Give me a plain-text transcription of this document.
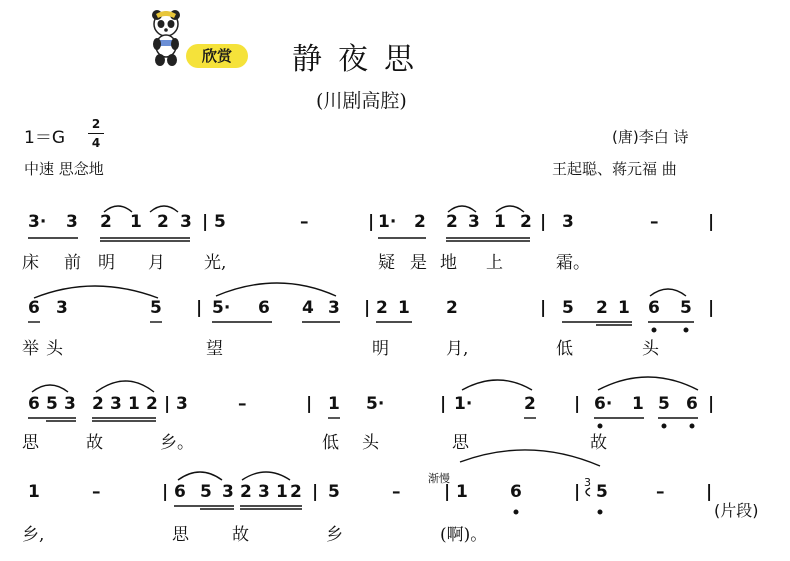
欣赏	静夜思
(川剧高腔)
1＝G
2
4
中速 思念地
(唐)李白 诗
王起聪、蒋元福 曲
3· 3 2 1 2 3 | 5	–	| 1· 2 2 3 1 2 | 3	–	|
床 前 明 月 光,	疑 是 地 上	霜。
6 3	5 | 5· 6 4 3 | 2 1 2	| 5 2 1 6 5 |
举 头	望	明	月,	低	头
6 5 3 2 3 1 2 | 3	–	| 1 5·	| 1·	2 | 6· 1 5 6 |
思	故	乡。	低 头	思	故
1	–	| 6 5 3 2 3 1 2 | 5	–	| 1 6	| 5	– |
乡,	思	故	乡	(啊)。
渐慢	3
(片段)
